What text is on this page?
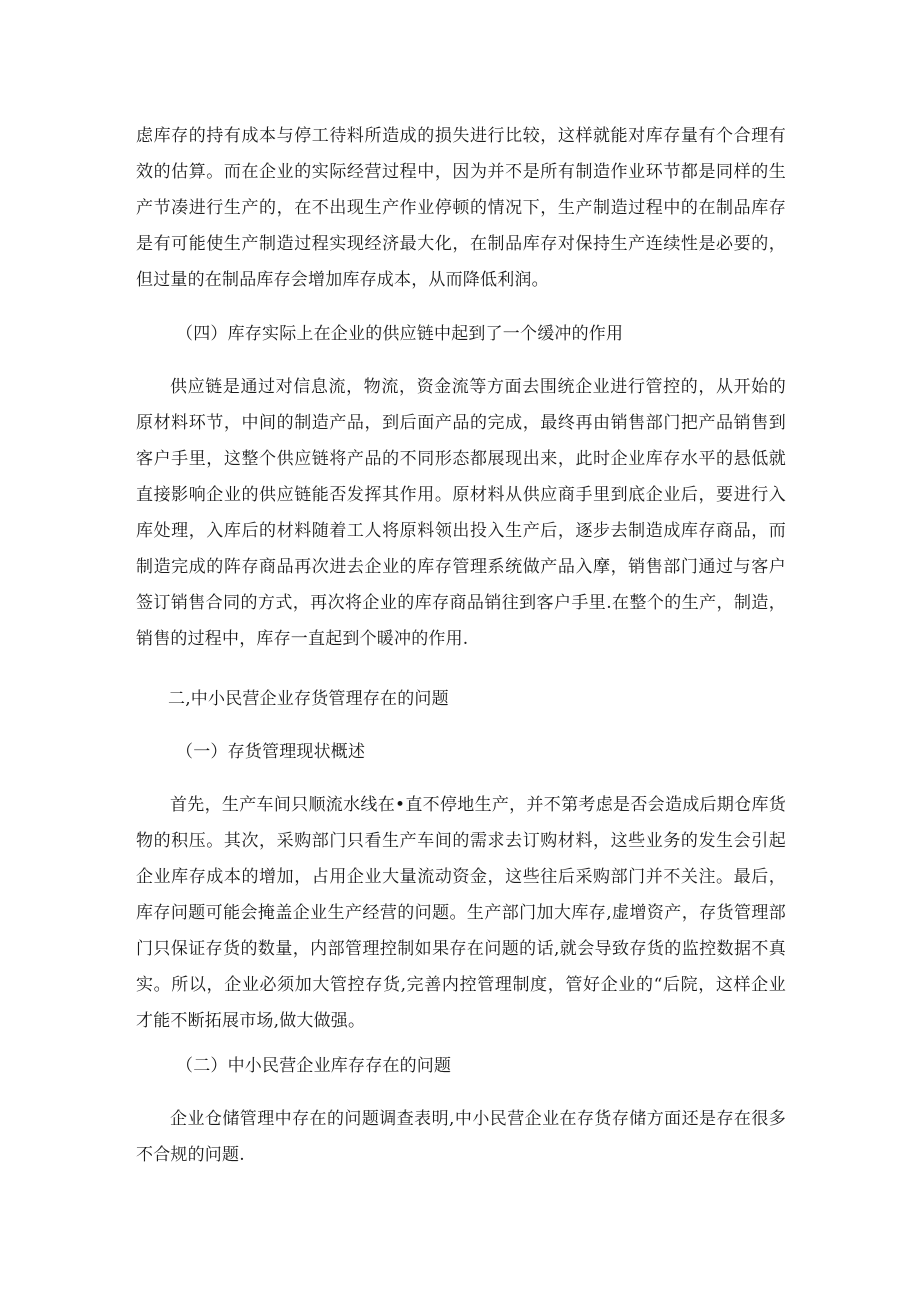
虑库存的持有成本与停工待料所造成的损失进行比较，这样就能对库存量有个合理有效的估算。而在企业的实际经营过程中，因为并不是所有制造作业环节都是同样的生产节凑进行生产的，在不出现生产作业停顿的情况下，生产制造过程中的在制品库存是有可能使生产制造过程实现经济最大化，在制品库存对保持生产连续性是必要的，但过量的在制品库存会增加库存成本，从而降低利润。

（四）库存实际上在企业的供应链中起到了一个缓冲的作用

供应链是通过对信息流，物流，资金流等方面去围统企业进行管控的，从开始的原材料环节，中间的制造产品，到后面产品的完成，最终再由销售部门把产品销售到客户手里，这整个供应链将产品的不同形态都展现出来，此时企业库存水平的悬低就直接影响企业的供应链能否发挥其作用。原材料从供应商手里到底企业后，要进行入库处理，入库后的材料随着工人将原料领出投入生产后，逐步去制造成库存商品，而制造完成的阵存商品再次进去企业的库存管理系统做产品入摩，销售部门通过与客户签订销售合同的方式，再次将企业的库存商品销往到客户手里.在整个的生产，制造，销售的过程中，库存一直起到个暖冲的作用.

二,中小民营企业存货管理存在的问题

（一）存货管理现状概述

首先，生产车间只顺流水线在•直不停地生产，并不第考虑是否会造成后期仓库货物的积压。其次，采购部门只看生产车间的需求去订购材料，这些业务的发生会引起企业库存成本的增加，占用企业大量流动资金，这些往后采购部门并不关注。最后，库存问题可能会掩盖企业生产经营的问题。生产部门加大库存,虚增资产，存货管理部门只保证存货的数量，内部管理控制如果存在问题的话,就会导致存货的监控数据不真实。所以，企业必须加大管控存货,完善内控管理制度，管好企业的“后院，这样企业才能不断拓展市场,做大做强。

（二）中小民营企业库存存在的问题

企业仓储管理中存在的问题调查表明,中小民营企业在存货存储方面还是存在很多不合规的问题.
